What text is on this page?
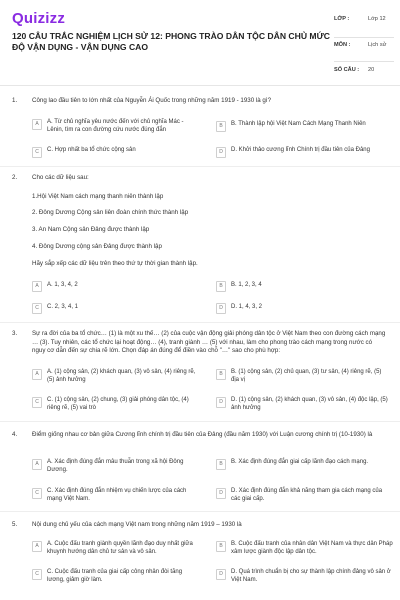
Quizizz
120 CÂU TRẮC NGHIỆM LỊCH SỬ 12: PHONG TRÀO DÂN TỘC DÂN CHỦ MỨC ĐỘ VẬN DỤNG - VẬN DỤNG CAO
LỚP :	Lớp 12
MÔN :	Lịch sử
SỐ CÂU : 20
1. Công lao đầu tiên to lớn nhất của Nguyễn Ái Quốc trong những năm 1919 - 1930 là gì?
A	A. Từ chủ nghĩa yêu nước đến với chủ nghĩa Mác - Lênin, tìm ra con đường cứu nước đúng đắn
B	B. Thành lập hội Việt Nam Cách Mạng Thanh Niên
C	C. Hợp nhất ba tổ chức cộng sản	D	D. Khởi thảo cương lĩnh Chính trị đầu tiên của Đảng
2. Cho các dữ liệu sau:
1.Hội Việt Nam cách mạng thanh niên thành lập
2. Đông Dương Cộng sản liên đoàn chính thức thành lập
3. An Nam Cộng sản Đảng được thành lập
4. Đông Dương cộng sản Đảng được thành lập
Hãy sắp xếp các dữ liệu trên theo thứ tự thời gian thành lập.
A	A. 1, 3, 4, 2	B	B. 1, 2, 3, 4
C	C. 2, 3, 4, 1	D	D. 1, 4, 3, 2
3. Sự ra đời của ba tổ chức… (1) là một xu thế… (2) của cuộc vận động giải phóng dân tộc ở Việt Nam theo con đường cách mạng … (3). Tuy nhiên, các tổ chức lại hoạt động… (4), tranh giành … (5) với nhau, làm cho phong trào cách mạng trong nước có nguy cơ dẫn đến sự chia rẽ lớn. Chọn đáp án đúng để điền vào chỗ "…" sao cho phù hợp:
A	A. (1) cộng sản, (2) khách quan, (3) vô sản, (4) riêng rẽ, (5) ảnh hưởng
B	B. (1) cộng sản, (2) chủ quan, (3) tư sản, (4) riêng rẽ, (5) địa vị
C	C. (1) cộng sản, (2) chung, (3) giải phóng dân tộc, (4) riêng rẽ, (5) vai trò
D	D. (1) cộng sản, (2) khách quan, (3) vô sản, (4) độc lập, (5) ảnh hưởng
4. Điểm giống nhau cơ bản giữa Cương lĩnh chính trị đầu tiên của Đảng (đầu năm 1930) với Luận cương chính trị (10-1930) là
A	A. Xác định đúng đắn mâu thuẫn trong xã hội Đông Dương.
B	B. Xác định đúng đắn giai cấp lãnh đạo cách mạng.
C	C. Xác định đúng đắn nhiệm vụ chiến lược của cách mạng Việt Nam.
D	D. Xác định đúng đắn khả năng tham gia cách mạng của các giai cấp.
5. Nội dung chủ yếu của cách mạng Việt nam trong những năm 1919 – 1930 là
A	A. Cuộc đấu tranh giành quyền lãnh đạo duy nhất giữa khuynh hướng dân chủ tư sản và vô sản.
B	B. Cuộc đấu tranh của nhân dân Việt Nam và thực dân Pháp xâm lược giành độc lập dân tộc.
C	C. Cuộc đấu tranh của giai cấp công nhân đòi tăng lương, giảm giờ làm.
D	D. Quá trình chuẩn bị cho sự thành lập chính đảng vô sản ở Việt Nam.
